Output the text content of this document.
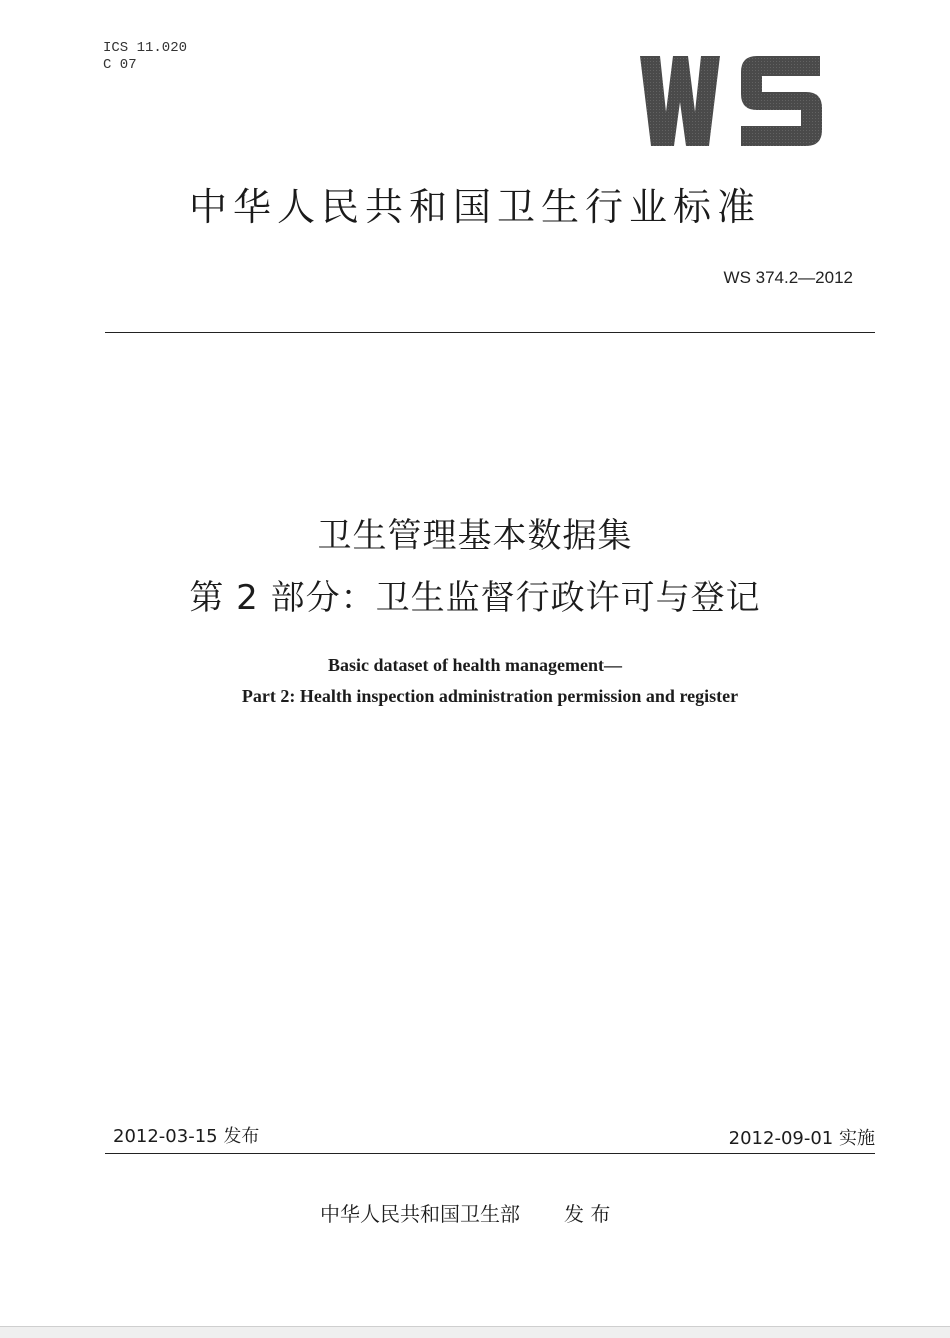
ICS 11.020
C 07
中华人民共和国卫生行业标准
WS 374.2—2012
卫生管理基本数据集
第 2 部分：卫生监督行政许可与登记
Basic dataset of health management—
Part 2: Health inspection administration permission and register
2012-03-15 发布	2012-09-01 实施
中华人民共和国卫生部 发 布
